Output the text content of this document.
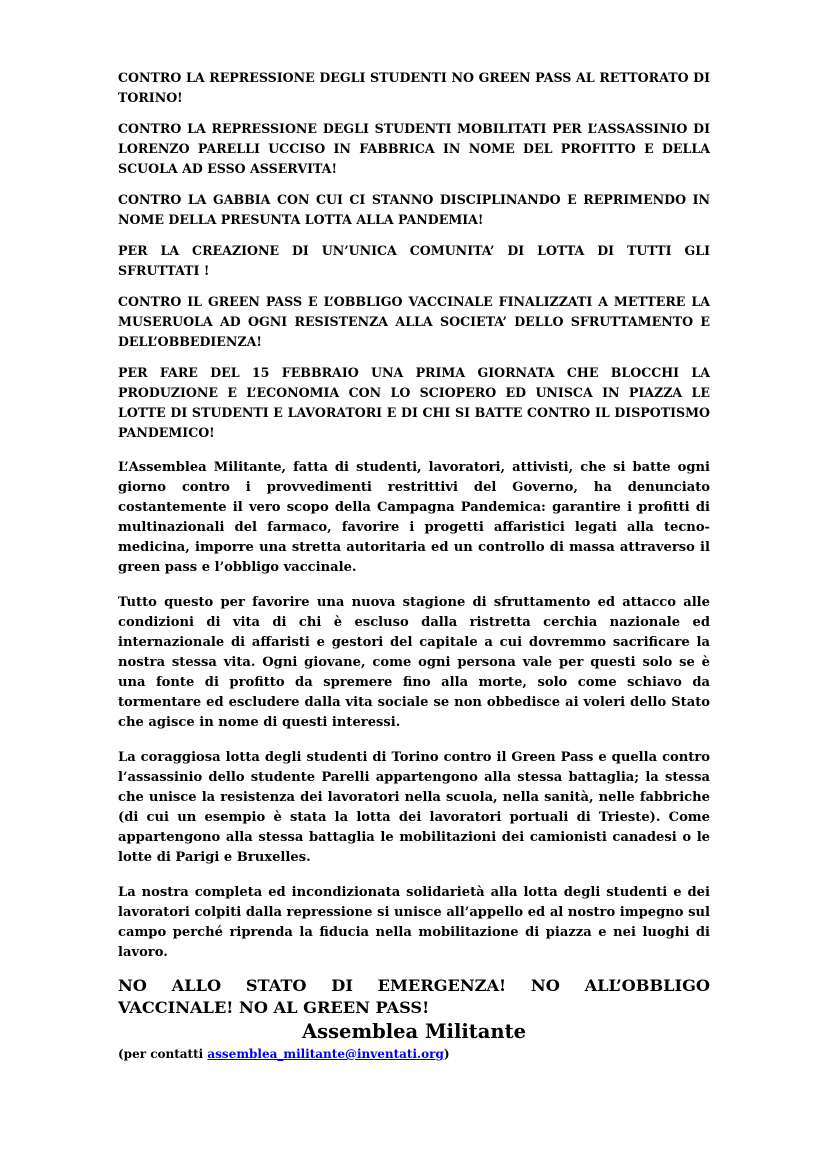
CONTRO LA REPRESSIONE DEGLI STUDENTI NO GREEN PASS AL RETTORATO DI TORINO!

CONTRO LA REPRESSIONE DEGLI STUDENTI MOBILITATI PER L’ASSASSINIO DI LORENZO PARELLI UCCISO IN FABBRICA IN NOME DEL PROFITTO E DELLA SCUOLA AD ESSO ASSERVITA!

CONTRO LA GABBIA CON CUI CI STANNO DISCIPLINANDO E REPRIMENDO IN NOME DELLA PRESUNTA LOTTA ALLA PANDEMIA!

PER LA CREAZIONE DI UN’UNICA COMUNITA’ DI LOTTA DI TUTTI GLI SFRUTTATI !

CONTRO IL GREEN PASS E L’OBBLIGO VACCINALE FINALIZZATI A METTERE LA MUSERUOLA AD OGNI RESISTENZA ALLA SOCIETA’ DELLO SFRUTTAMENTO E DELL’OBBEDIENZA!

PER FARE DEL 15 FEBBRAIO UNA PRIMA GIORNATA CHE BLOCCHI LA PRODUZIONE E L’ECONOMIA CON LO SCIOPERO ED UNISCA IN PIAZZA LE LOTTE DI STUDENTI E LAVORATORI E DI CHI SI BATTE CONTRO IL DISPOTISMO PANDEMICO!

L’Assemblea Militante, fatta di studenti, lavoratori, attivisti, che si batte ogni giorno contro i provvedimenti restrittivi del Governo, ha denunciato costantemente il vero scopo della Campagna Pandemica: garantire i profitti di multinazionali del farmaco, favorire i progetti affaristici legati alla tecno-medicina, imporre una stretta autoritaria ed un controllo di massa attraverso il green pass e l’obbligo vaccinale.

Tutto questo per favorire una nuova stagione di sfruttamento ed attacco alle condizioni di vita di chi è escluso dalla ristretta cerchia nazionale ed internazionale di affaristi e gestori del capitale a cui dovremmo sacrificare la nostra stessa vita. Ogni giovane, come ogni persona vale per questi solo se è una fonte di profitto da spremere fino alla morte, solo come schiavo da tormentare ed escludere dalla vita sociale se non obbedisce ai voleri dello Stato che agisce in nome di questi interessi.

La coraggiosa lotta degli studenti di Torino contro il Green Pass e quella contro l’assassinio dello studente Parelli appartengono alla stessa battaglia; la stessa che unisce la resistenza dei lavoratori nella scuola, nella sanità, nelle fabbriche (di cui un esempio è stata la lotta dei lavoratori portuali di Trieste). Come appartengono alla stessa battaglia le mobilitazioni dei camionisti canadesi o le lotte di Parigi e Bruxelles.

La nostra completa ed incondizionata solidarietà alla lotta degli studenti e dei lavoratori colpiti dalla repressione si unisce all’appello ed al nostro impegno sul campo perché riprenda la fiducia nella mobilitazione di piazza e nei luoghi di lavoro.

NO ALLO STATO DI EMERGENZA! NO ALL’OBBLIGO VACCINALE! NO AL GREEN PASS!

Assemblea Militante

(per contatti assemblea_militante@inventati.org)
